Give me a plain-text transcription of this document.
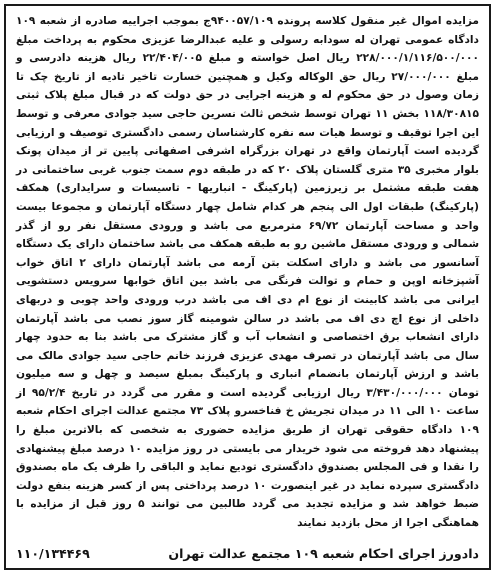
مزایده اموال غیر منقول کلاسه پرونده ۹۴۰۰۵۷/۱۰۹ج بموجب اجراییه صادره از شعبه ۱۰۹ دادگاه عمومی تهران له سودابه رسولی و علیه عبدالرضا عزیزی محکوم به پرداخت مبلغ ۲۲۸/۰۰۰/۱/۱۱۶/۵۰۰/۰۰۰ ریال اصل خواسته و مبلغ ۲۲/۴۰۴/۰۰۵ ریال هزینه دادرسی و مبلغ ۲۷/۰۰۰/۰۰۰ ریال حق الوکاله وکیل و همچنین خسارت تاخیر تادیه از تاریخ چک تا زمان وصول در حق محکوم له و هزینه اجرایی در حق دولت که در قبال مبلغ پلاک ثبتی ۱۱۸/۳۰۸۱۵ بخش ۱۱ تهران توسط شخص ثالث نسرین حاجی سید جوادی معرفی و توسط این اجرا توقیف و توسط هیات سه نفره کارشناسان رسمی دادگستری توصیف و ارزیابی گردیده است آپارتمان واقع در تهران بزرگراه اشرفی اصفهانی پایین تر از میدان پونک بلوار مخبری ۳۵ متری گلستان پلاک ۲۰ که در طبقه دوم سمت جنوب غربی ساختمانی در هفت طبقه مشتمل بر زیرزمین (پارکینگ - انباریها - تاسیسات و سرایداری) همکف (پارکینگ) طبقات اول الی پنجم هر کدام شامل چهار دستگاه آپارتمان و مجموعا بیست واحد و مساحت آپارتمان ۶۹/۷۲ مترمربع می باشد و ورودی مستقل نفر رو از گذر شمالی و ورودی مستقل ماشین رو به طبقه همکف می باشد ساختمان دارای یک دستگاه آسانسور می باشد و دارای اسکلت بتن آرمه می باشد آپارتمان دارای ۲ اتاق خواب آشپزخانه اوپن و حمام و توالت فرنگی می باشد بین اتاق خوابها سرویس دستشویی ایرانی می باشد کابینت از نوع ام دی اف می باشد درب ورودی واحد چوبی و دربهای داخلی از نوع اچ دی اف می باشد در سالن شومینه گاز سوز نصب می باشد آپارتمان دارای انشعاب برق اختصاصی و انشعاب آب و گاز مشترک می باشد بنا به حدود چهار سال می باشد آپارتمان در تصرف مهدی عزیزی فرزند خانم حاجی سید جوادی مالک می باشد و ارزش آپارتمان بانضمام انباری و پارکینگ بمبلغ سیصد و چهل و سه میلیون تومان ۳/۴۳۰/۰۰۰/۰۰۰ ریال ارزیابی گردیده است و مقرر می گردد در تاریخ ۹۵/۲/۴ از ساعت ۱۰ الی ۱۱ در میدان تجریش خ فناخسرو پلاک ۷۳ مجتمع عدالت اجرای احکام شعبه ۱۰۹ دادگاه حقوقی تهران از طریق مزایده حضوری به شخصی که بالاترین مبلغ را پیشنهاد دهد فروخته می شود خریدار می بایستی در روز مزایده ۱۰ درصد مبلغ پیشنهادی را نقدا و فی المجلس بصندوق دادگستری تودیع نماید و الباقی را ظرف یک ماه بصندوق دادگستری سپرده نماید در غیر اینصورت ۱۰ درصد پرداختی پس از کسر هزینه بنفع دولت ضبط خواهد شد و مزایده تجدید می گردد طالبین می توانند ۵ روز قبل از مزایده با هماهنگی اجرا از محل بازدید نمایند
دادورز اجرای احکام شعبه ۱۰۹ مجتمع عدالت تهران
۱۱۰/۱۳۴۴۶۹
